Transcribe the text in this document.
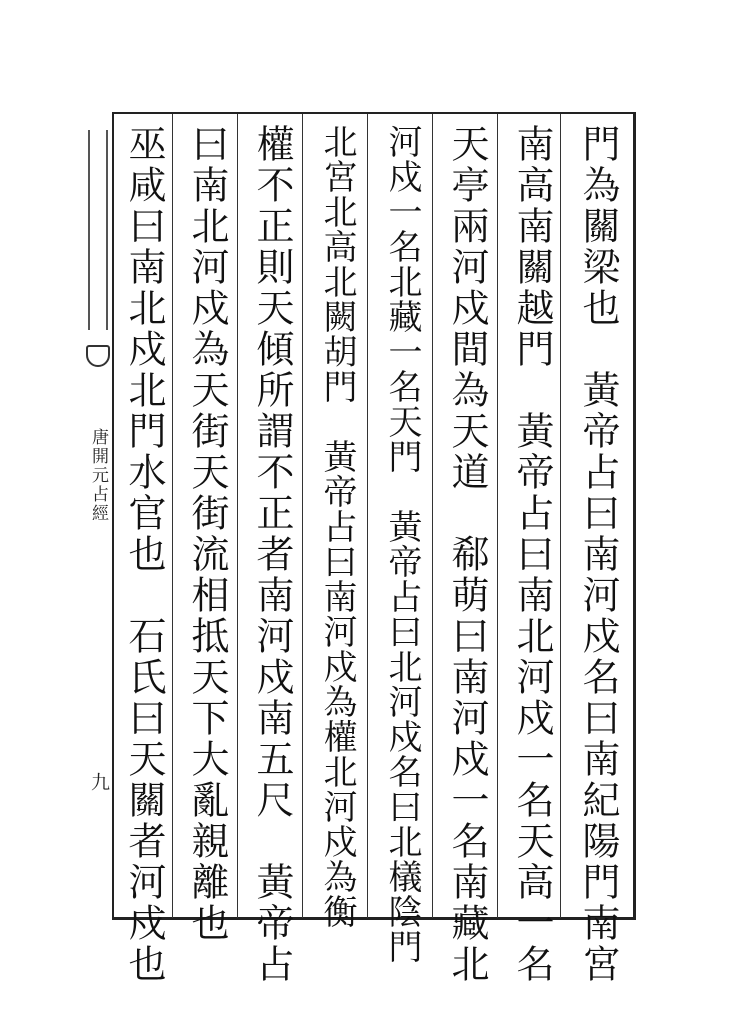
門為關梁也　黃帝占曰南河戍名曰南紀陽門南宮
南高南關越門　黃帝占曰南北河戍一名天高一名
天亭兩河戍間為天道　郗萌曰南河戍一名南藏北
河戍一名北藏一名天門　黃帝占曰北河戍名曰北檥陰門
北宮北高北闕胡門　黃帝占曰南河戍為權北河戍為衡
權不正則天傾所謂不正者南河戍南五尺　黃帝占
曰南北河戍為天街天街流相抵天下大亂親離也
巫咸曰南北戍北門水官也　石氏曰天關者河戍也
唐開元占經
九
